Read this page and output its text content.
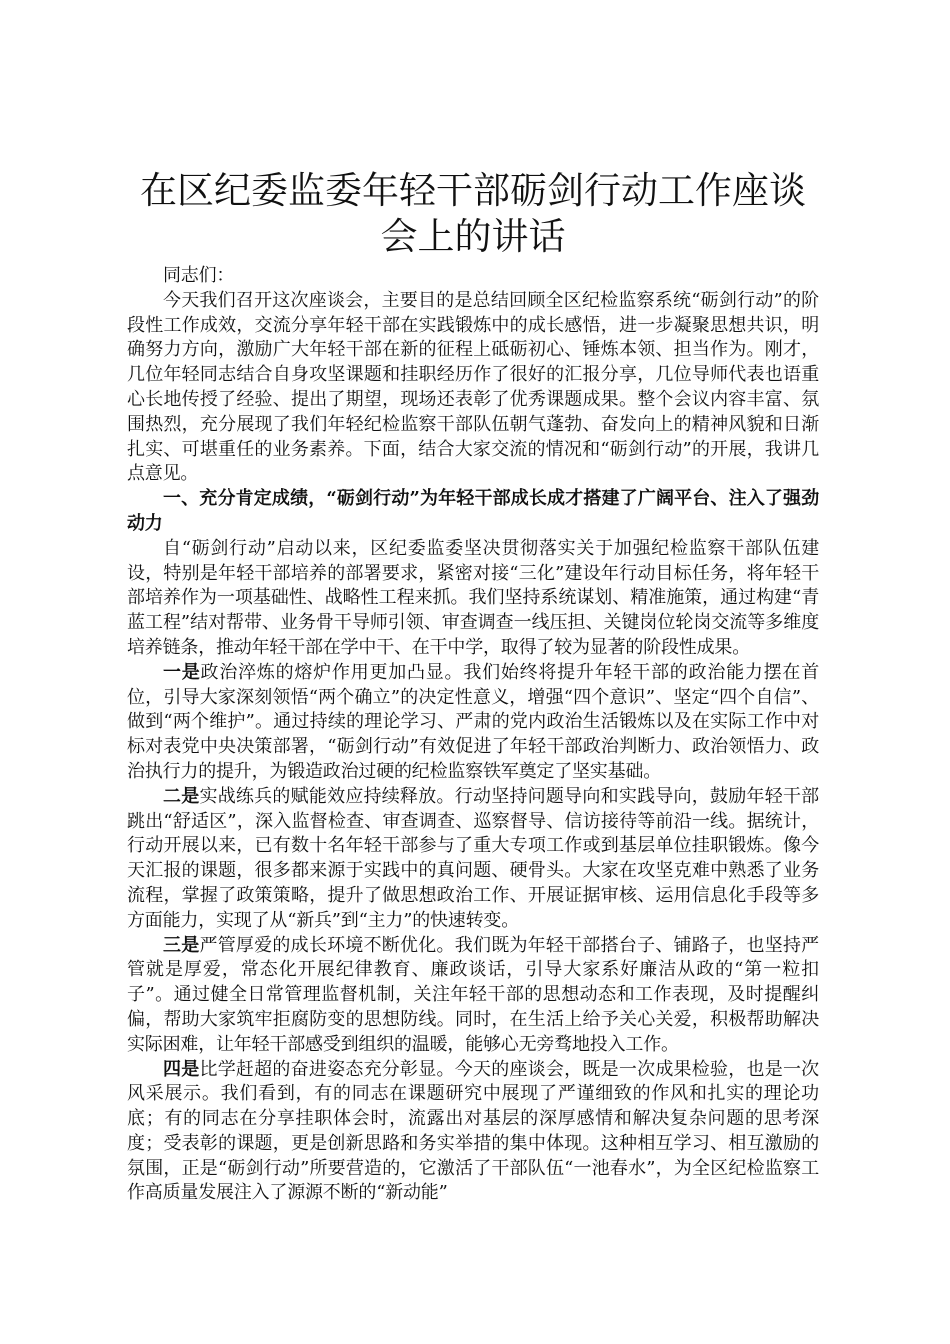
在区纪委监委年轻干部砺剑行动工作座谈会上的讲话

同志们：

今天我们召开这次座谈会，主要目的是总结回顾全区纪检监察系统“砺剑行动”的阶段性工作成效，交流分享年轻干部在实践锻炼中的成长感悟，进一步凝聚思想共识，明确努力方向，激励广大年轻干部在新的征程上砥砺初心、锤炼本领、担当作为。刚才，几位年轻同志结合自身攻坚课题和挂职经历作了很好的汇报分享，几位导师代表也语重心长地传授了经验、提出了期望，现场还表彰了优秀课题成果。整个会议内容丰富、氛围热烈，充分展现了我们年轻纪检监察干部队伍朝气蓬勃、奋发向上的精神风貌和日渐扎实、可堪重任的业务素养。下面，结合大家交流的情况和“砺剑行动”的开展，我讲几点意见。

一、充分肯定成绩，“砺剑行动”为年轻干部成长成才搭建了广阔平台、注入了强劲动力

自“砺剑行动”启动以来，区纪委监委坚决贯彻落实关于加强纪检监察干部队伍建设，特别是年轻干部培养的部署要求，紧密对接“三化”建设年行动目标任务，将年轻干部培养作为一项基础性、战略性工程来抓。我们坚持系统谋划、精准施策，通过构建“青蓝工程”结对帮带、业务骨干导师引领、审查调查一线压担、关键岗位轮岗交流等多维度培养链条，推动年轻干部在学中干、在干中学，取得了较为显著的阶段性成果。

一是政治淬炼的熔炉作用更加凸显。我们始终将提升年轻干部的政治能力摆在首位，引导大家深刻领悟“两个确立”的决定性意义，增强“四个意识”、坚定“四个自信”、做到“两个维护”。通过持续的理论学习、严肃的党内政治生活锻炼以及在实际工作中对标对表党中央决策部署，“砺剑行动”有效促进了年轻干部政治判断力、政治领悟力、政治执行力的提升，为锻造政治过硬的纪检监察铁军奠定了坚实基础。

二是实战练兵的赋能效应持续释放。行动坚持问题导向和实践导向，鼓励年轻干部跳出“舒适区”，深入监督检查、审查调查、巡察督导、信访接待等前沿一线。据统计，行动开展以来，已有数十名年轻干部参与了重大专项工作或到基层单位挂职锻炼。像今天汇报的课题，很多都来源于实践中的真问题、硬骨头。大家在攻坚克难中熟悉了业务流程，掌握了政策策略，提升了做思想政治工作、开展证据审核、运用信息化手段等多方面能力，实现了从“新兵”到“主力”的快速转变。

三是严管厚爱的成长环境不断优化。我们既为年轻干部搭台子、铺路子，也坚持严管就是厚爱，常态化开展纪律教育、廉政谈话，引导大家系好廉洁从政的“第一粒扣子”。通过健全日常管理监督机制，关注年轻干部的思想动态和工作表现，及时提醒纠偏，帮助大家筑牢拒腐防变的思想防线。同时，在生活上给予关心关爱，积极帮助解决实际困难，让年轻干部感受到组织的温暖，能够心无旁骛地投入工作。

四是比学赶超的奋进姿态充分彰显。今天的座谈会，既是一次成果检验，也是一次风采展示。我们看到，有的同志在课题研究中展现了严谨细致的作风和扎实的理论功底；有的同志在分享挂职体会时，流露出对基层的深厚感情和解决复杂问题的思考深度；受表彰的课题，更是创新思路和务实举措的集中体现。这种相互学习、相互激励的氛围，正是“砺剑行动”所要营造的，它激活了干部队伍“一池春水”，为全区纪检监察工作高质量发展注入了源源不断的“新动能”
